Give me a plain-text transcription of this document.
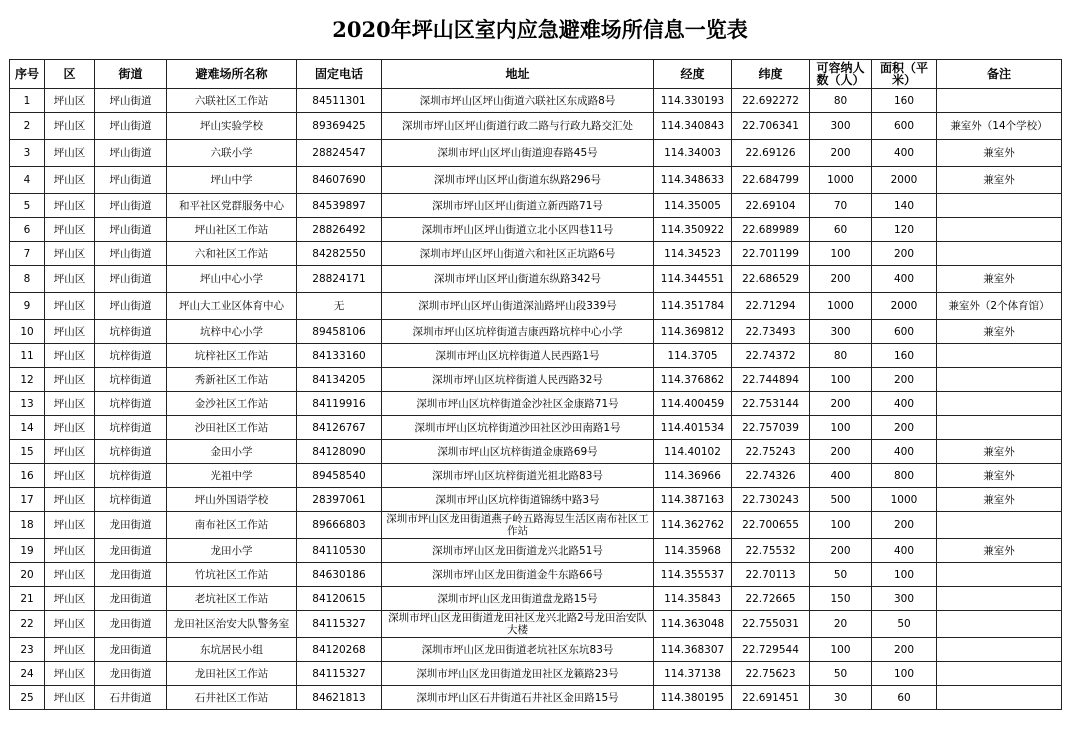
2020年坪山区室内应急避难场所信息一览表
序号	区	街道	避难场所名称	固定电话	地址	经度	纬度	可容纳人数（人）	面积（平米）	备注
1	坪山区	坪山街道	六联社区工作站	84511301	深圳市坪山区坪山街道六联社区东成路8号	114.330193	22.692272	80	160	
2	坪山区	坪山街道	坪山实验学校	89369425	深圳市坪山区坪山街道行政二路与行政九路交汇处	114.340843	22.706341	300	600	兼室外（14个学校）
3	坪山区	坪山街道	六联小学	28824547	深圳市坪山区坪山街道迎春路45号	114.34003	22.69126	200	400	兼室外
4	坪山区	坪山街道	坪山中学	84607690	深圳市坪山区坪山街道东纵路296号	114.348633	22.684799	1000	2000	兼室外
5	坪山区	坪山街道	和平社区党群服务中心	84539897	深圳市坪山区坪山街道立新西路71号	114.35005	22.69104	70	140	
6	坪山区	坪山街道	坪山社区工作站	28826492	深圳市坪山区坪山街道立北小区四巷11号	114.350922	22.689989	60	120	
7	坪山区	坪山街道	六和社区工作站	84282550	深圳市坪山区坪山街道六和社区正坑路6号	114.34523	22.701199	100	200	
8	坪山区	坪山街道	坪山中心小学	28824171	深圳市坪山区坪山街道东纵路342号	114.344551	22.686529	200	400	兼室外
9	坪山区	坪山街道	坪山大工业区体育中心	无	深圳市坪山区坪山街道深汕路坪山段339号	114.351784	22.71294	1000	2000	兼室外（2个体育馆）
10	坪山区	坑梓街道	坑梓中心小学	89458106	深圳市坪山区坑梓街道吉康西路坑梓中心小学	114.369812	22.73493	300	600	兼室外
11	坪山区	坑梓街道	坑梓社区工作站	84133160	深圳市坪山区坑梓街道人民西路1号	114.3705	22.74372	80	160	
12	坪山区	坑梓街道	秀新社区工作站	84134205	深圳市坪山区坑梓街道人民西路32号	114.376862	22.744894	100	200	
13	坪山区	坑梓街道	金沙社区工作站	84119916	深圳市坪山区坑梓街道金沙社区金康路71号	114.400459	22.753144	200	400	
14	坪山区	坑梓街道	沙田社区工作站	84126767	深圳市坪山区坑梓街道沙田社区沙田南路1号	114.401534	22.757039	100	200	
15	坪山区	坑梓街道	金田小学	84128090	深圳市坪山区坑梓街道金康路69号	114.40102	22.75243	200	400	兼室外
16	坪山区	坑梓街道	光祖中学	89458540	深圳市坪山区坑梓街道光祖北路83号	114.36966	22.74326	400	800	兼室外
17	坪山区	坑梓街道	坪山外国语学校	28397061	深圳市坪山区坑梓街道锦绣中路3号	114.387163	22.730243	500	1000	兼室外
18	坪山区	龙田街道	南布社区工作站	89666803	深圳市坪山区龙田街道燕子岭五路海昱生活区南布社区工作站	114.362762	22.700655	100	200	
19	坪山区	龙田街道	龙田小学	84110530	深圳市坪山区龙田街道龙兴北路51号	114.35968	22.75532	200	400	兼室外
20	坪山区	龙田街道	竹坑社区工作站	84630186	深圳市坪山区龙田街道金牛东路66号	114.355537	22.70113	50	100	
21	坪山区	龙田街道	老坑社区工作站	84120615	深圳市坪山区龙田街道盘龙路15号	114.35843	22.72665	150	300	
22	坪山区	龙田街道	龙田社区治安大队警务室	84115327	深圳市坪山区龙田街道龙田社区龙兴北路2号龙田治安队大楼	114.363048	22.755031	20	50	
23	坪山区	龙田街道	东坑居民小组	84120268	深圳市坪山区龙田街道老坑社区东坑83号	114.368307	22.729544	100	200	
24	坪山区	龙田街道	龙田社区工作站	84115327	深圳市坪山区龙田街道龙田社区龙籁路23号	114.37138	22.75623	50	100	
25	坪山区	石井街道	石井社区工作站	84621813	深圳市坪山区石井街道石井社区金田路15号	114.380195	22.691451	30	60	
